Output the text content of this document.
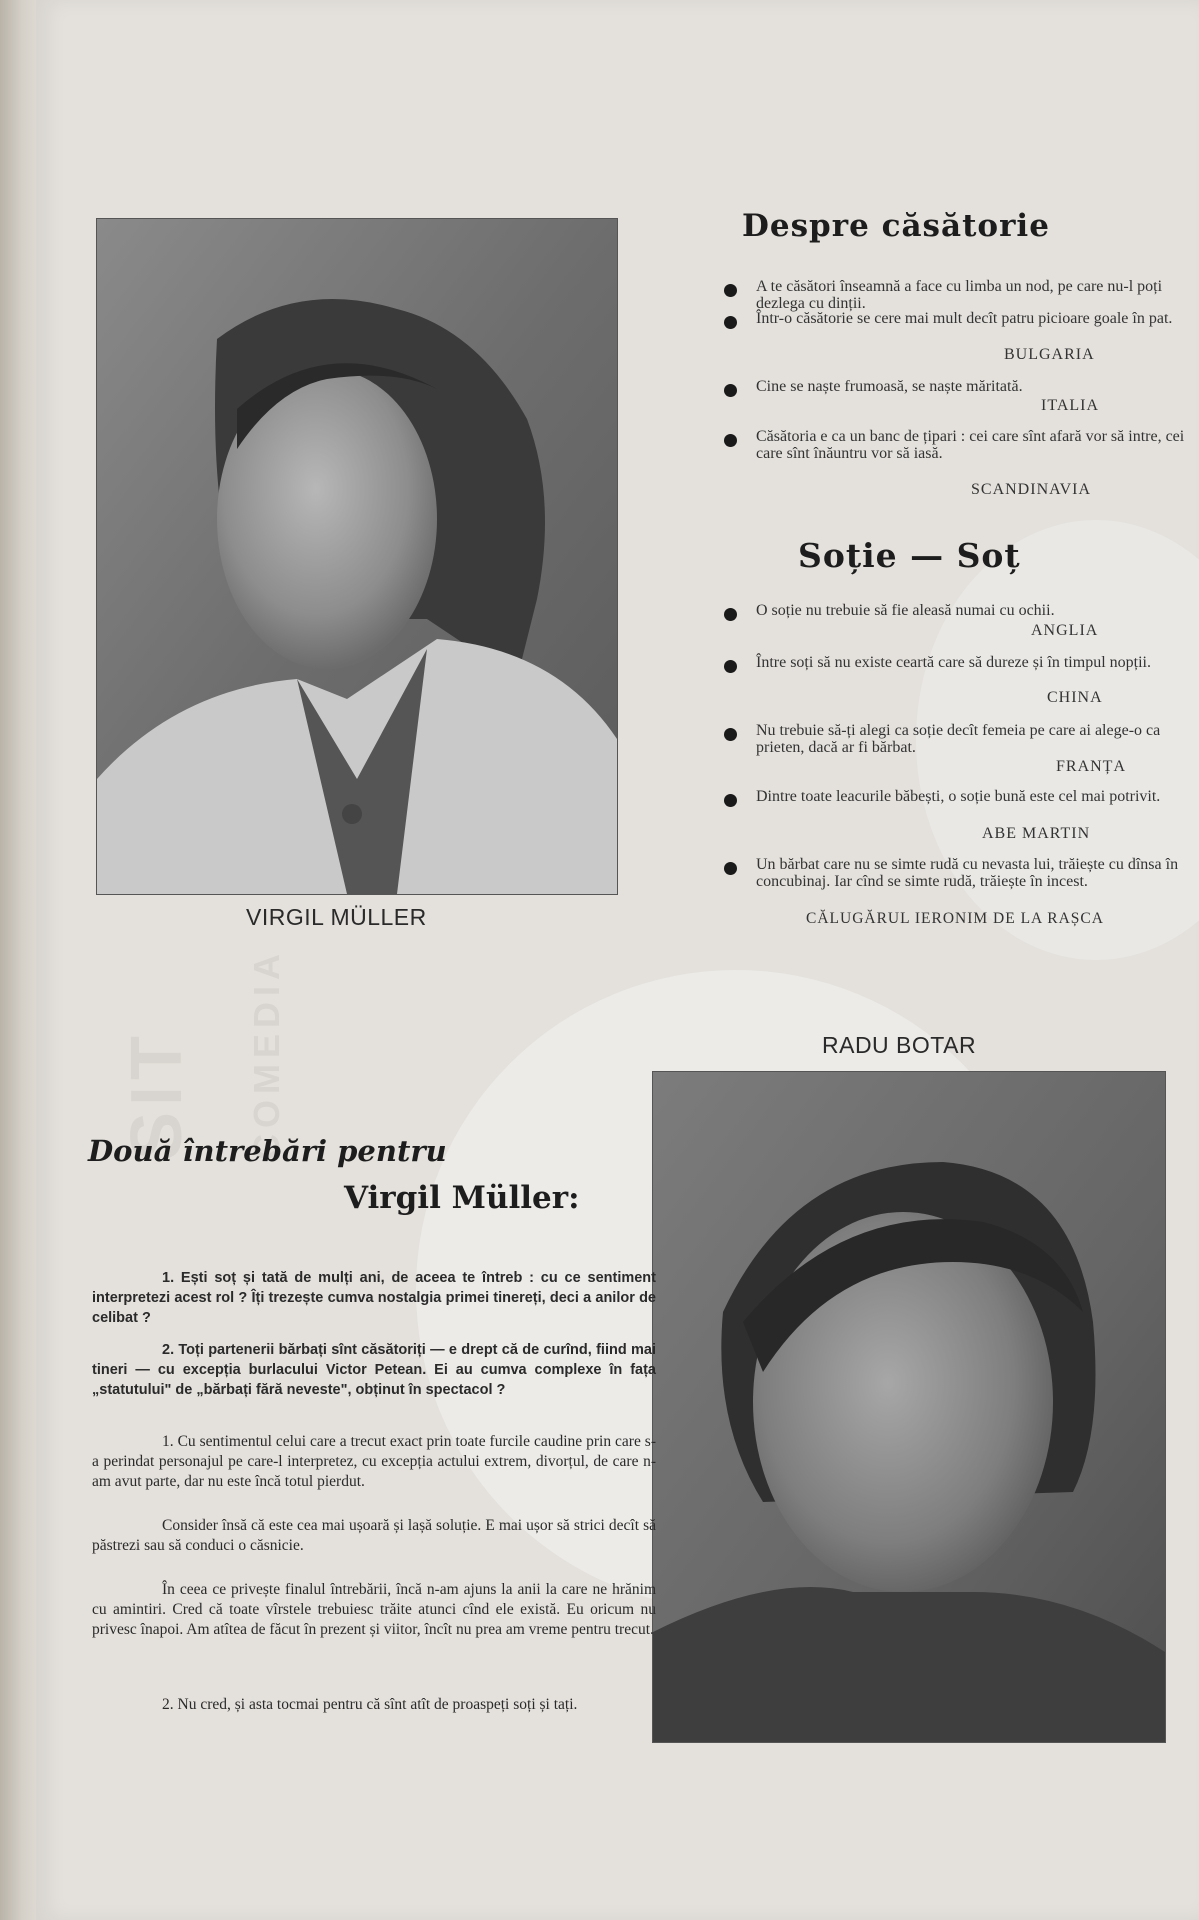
SIT COMEDIA
VIRGIL MÜLLER
Despre căsătorie
A te căsători înseamnă a face cu limba un nod, pe care nu-l poți dezlega cu dinții.
Într-o căsătorie se cere mai mult decît patru picioare goale în pat.
BULGARIA
Cine se naște frumoasă, se naște măritată.
ITALIA
Căsătoria e ca un banc de țipari : cei care sînt afară vor să intre, cei care sînt înăuntru vor să iasă.
SCANDINAVIA
Soție — Soț
O soție nu trebuie să fie aleasă numai cu ochii.
ANGLIA
Între soți să nu existe ceartă care să dureze și în timpul nopții.
CHINA
Nu trebuie să-ți alegi ca soție decît femeia pe care ai alege-o ca prieten, dacă ar fi bărbat.
FRANȚA
Dintre toate leacurile băbești, o soție bună este cel mai potrivit.
ABE MARTIN
Un bărbat care nu se simte rudă cu nevasta lui, trăiește cu dînsa în concubinaj. Iar cînd se simte rudă, trăiește în incest.
CĂLUGĂRUL IERONIM DE LA RAȘCA
RADU BOTAR
Două întrebări pentru
Virgil Müller:
1. Ești soț și tată de mulți ani, de aceea te întreb : cu ce sentiment interpretezi acest rol ? Îți trezește cumva nostalgia primei tinereți, deci a anilor de celibat ?
2. Toți partenerii bărbați sînt căsătoriți — e drept că de curînd, fiind mai tineri — cu excepția burlacului Victor Petean. Ei au cumva complexe în fața „statutului" de „bărbați fără neveste", obținut în spectacol ?
1. Cu sentimentul celui care a trecut exact prin toate furcile caudine prin care s-a perindat personajul pe care-l interpretez, cu excepția actului extrem, divorțul, de care n-am avut parte, dar nu este încă totul pierdut.
Consider însă că este cea mai ușoară și lașă soluție. E mai ușor să strici decît să păstrezi sau să conduci o căsnicie.
În ceea ce privește finalul întrebării, încă n-am ajuns la anii la care ne hrănim cu amintiri. Cred că toate vîrstele trebuiesc trăite atunci cînd ele există. Eu oricum nu privesc înapoi. Am atîtea de făcut în prezent și viitor, încît nu prea am vreme pentru trecut.
2. Nu cred, și asta tocmai pentru că sînt atît de proaspeți soți și tați.
